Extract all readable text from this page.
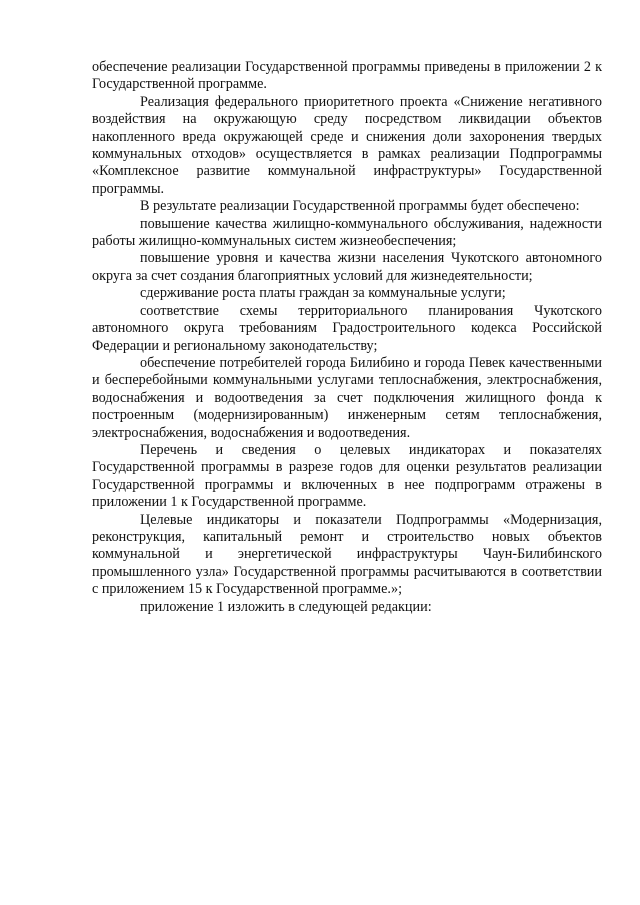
обеспечение реализации Государственной программы приведены в приложении 2 к Государственной программе.

Реализация федерального приоритетного проекта «Снижение негативного воздействия на окружающую среду посредством ликвидации объектов накопленного вреда окружающей среде и снижения доли захоронения твердых коммунальных отходов» осуществляется в рамках реализации Подпрограммы «Комплексное развитие коммунальной инфраструктуры» Государственной программы.

В результате реализации Государственной программы будет обеспечено:

повышение качества жилищно-коммунального обслуживания, надежности работы жилищно-коммунальных систем жизнеобеспечения;

повышение уровня и качества жизни населения Чукотского автономного округа за счет создания благоприятных условий для жизнедеятельности;

сдерживание роста платы граждан за коммунальные услуги;

соответствие схемы территориального планирования Чукотского автономного округа требованиям Градостроительного кодекса Российской Федерации и региональному законодательству;

обеспечение потребителей города Билибино и города Певек качественными и бесперебойными коммунальными услугами теплоснабжения, электроснабжения, водоснабжения и водоотведения за счет подключения жилищного фонда к построенным (модернизированным) инженерным сетям теплоснабжения, электроснабжения, водоснабжения и водоотведения.

Перечень и сведения о целевых индикаторах и показателях Государственной программы в разрезе годов для оценки результатов реализации Государственной программы и включенных в нее подпрограмм отражены в приложении 1 к Государственной программе.

Целевые индикаторы и показатели Подпрограммы «Модернизация, реконструкция, капитальный ремонт и строительство новых объектов коммунальной и энергетической инфраструктуры Чаун-Билибинского промышленного узла» Государственной программы расчитываются в соответствии с приложением 15 к Государственной программе.»;

приложение 1 изложить в следующей редакции:
